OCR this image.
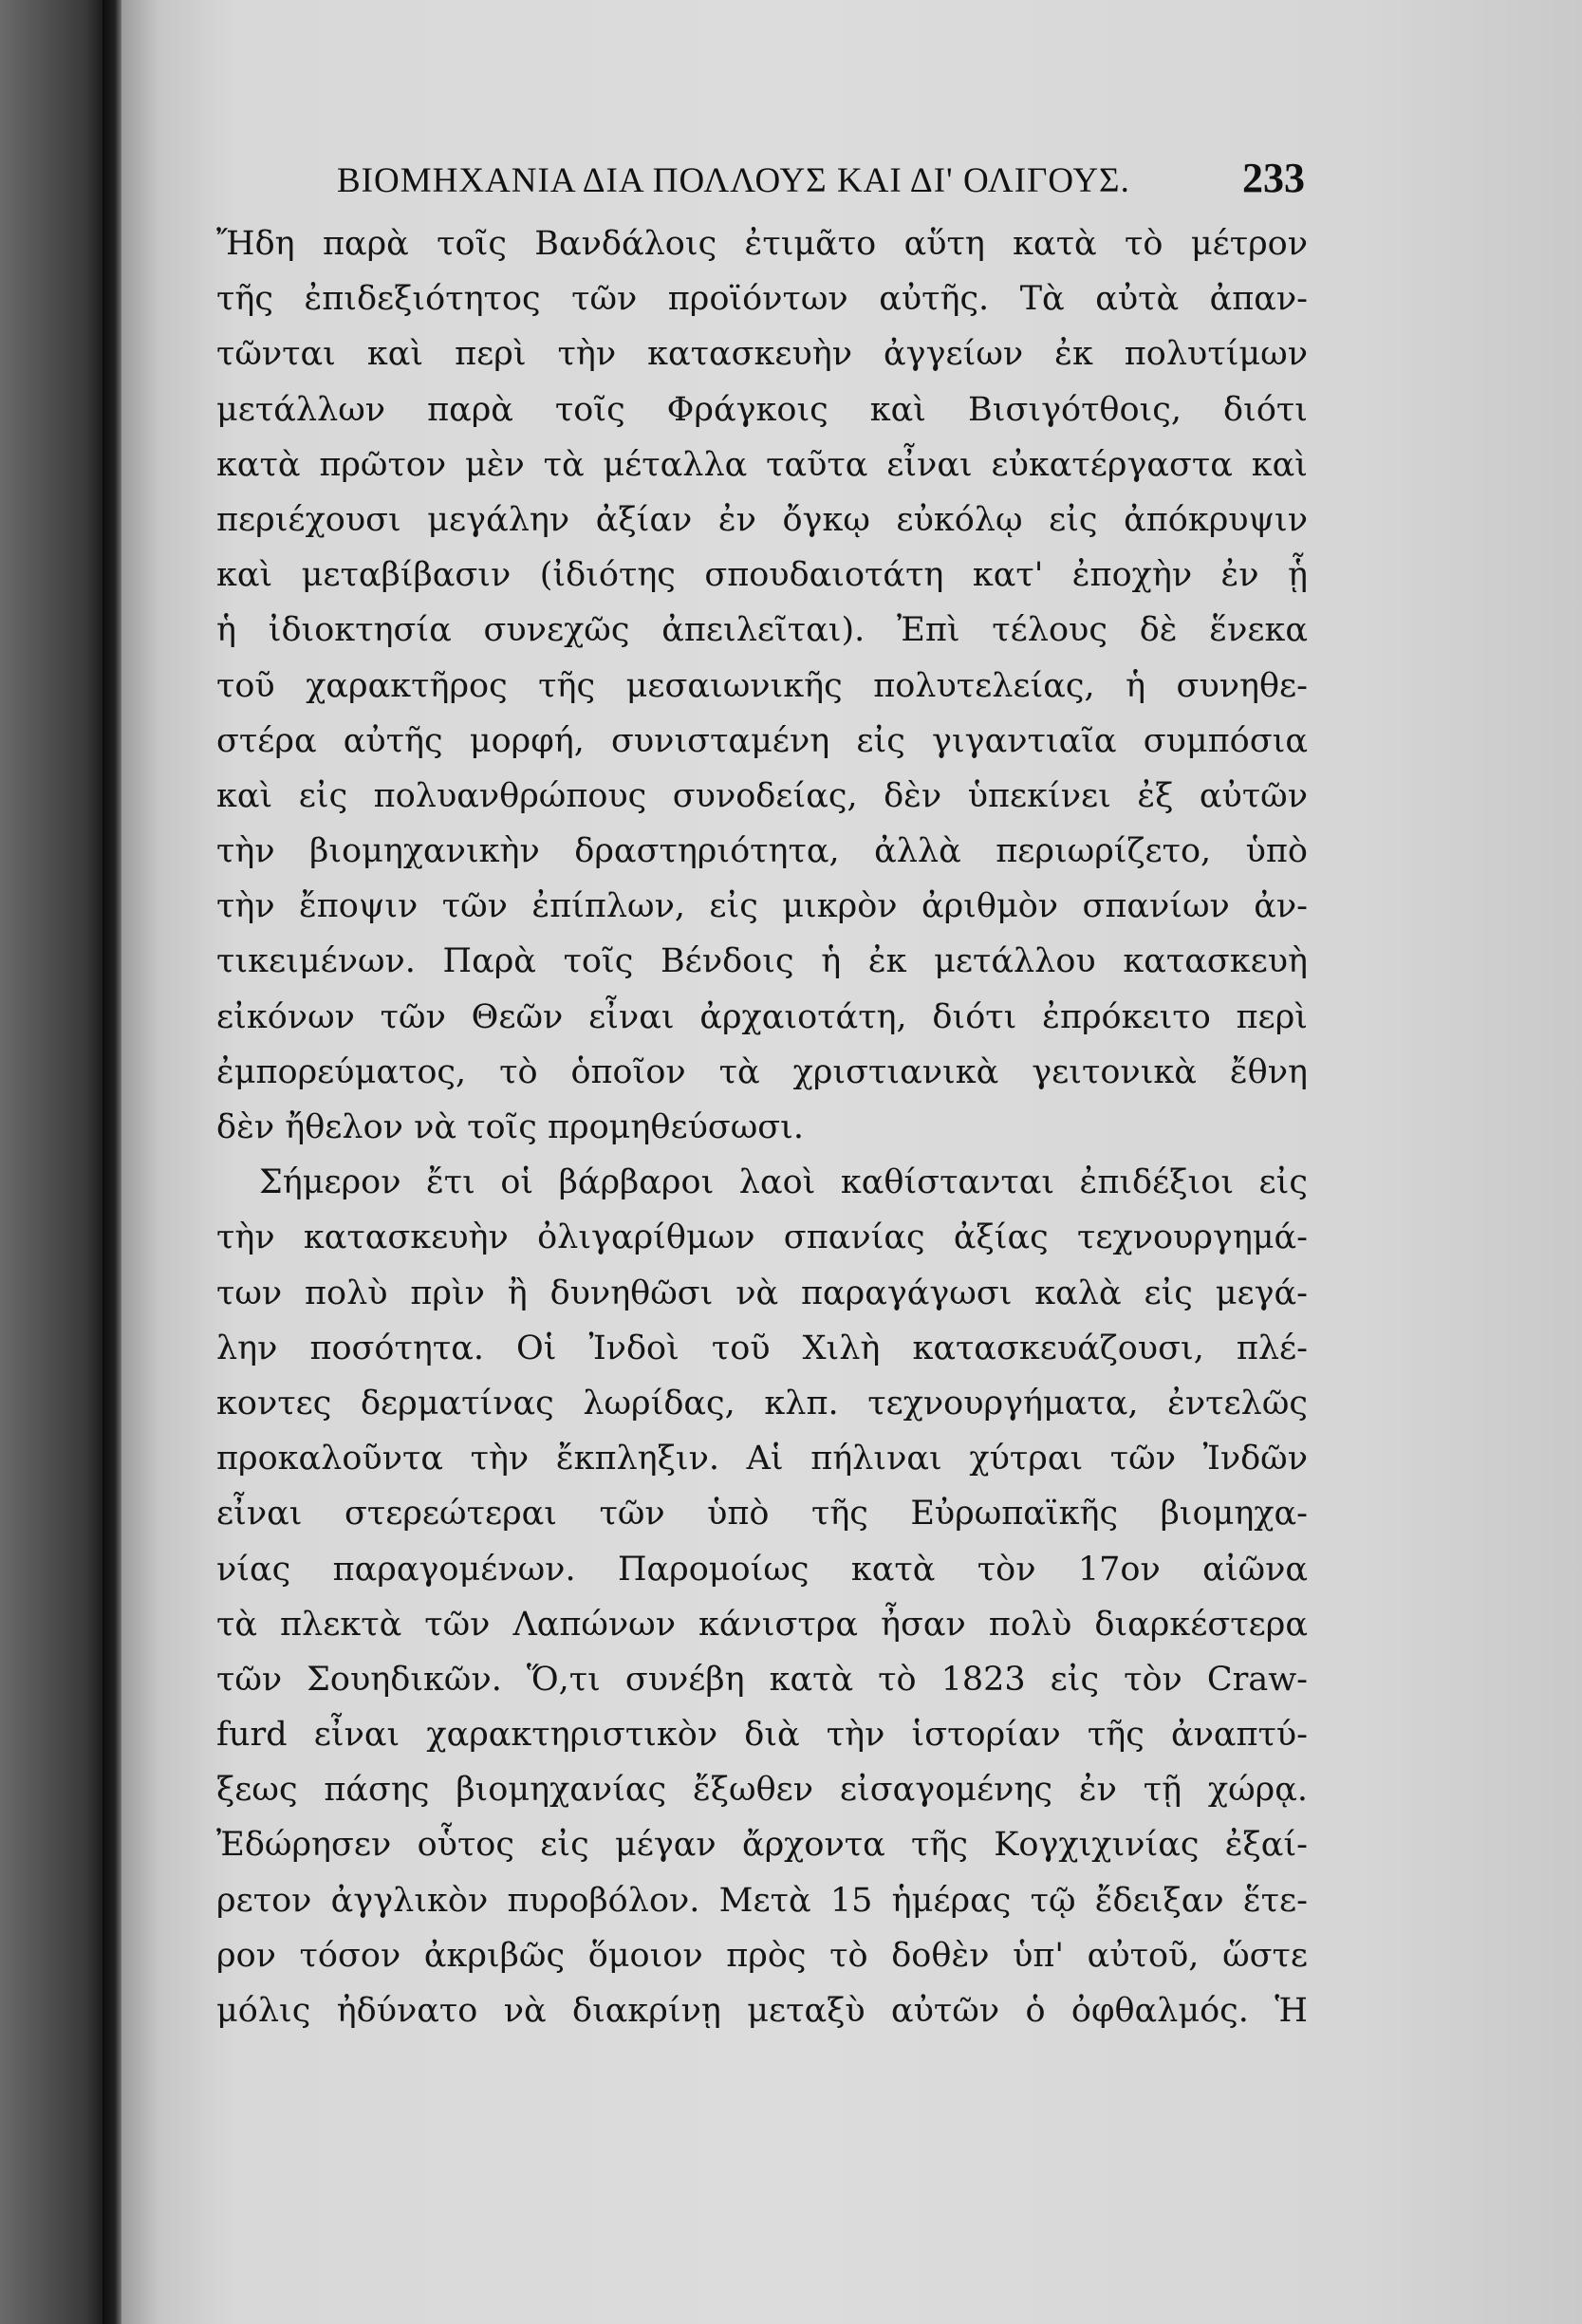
ΒΙΟΜΗΧΑΝΙΑ ΔΙΑ ΠΟΛΛΟΥΣ ΚΑΙ ΔΙ' ΟΛΙΓΟΥΣ.	233
Ἤδη παρὰ τοῖς Βανδάλοις ἐτιμᾶτο αὕτη κατὰ τὸ μέτρον
τῆς ἐπιδεξιότητος τῶν προϊόντων αὐτῆς. Τὰ αὐτὰ ἀπαν-
τῶνται καὶ περὶ τὴν κατασκευὴν ἀγγείων ἐκ πολυτίμων
μετάλλων παρὰ τοῖς Φράγκοις καὶ Βισιγότθοις, διότι
κατὰ πρῶτον μὲν τὰ μέταλλα ταῦτα εἶναι εὐκατέργαστα καὶ
περιέχουσι μεγάλην ἀξίαν ἐν ὄγκῳ εὐκόλῳ εἰς ἀπόκρυψιν
καὶ μεταβίβασιν (ἰδιότης σπουδαιοτάτη κατ' ἐποχὴν ἐν ᾗ
ἡ ἰδιοκτησία συνεχῶς ἀπειλεῖται). Ἐπὶ τέλους δὲ ἕνεκα
τοῦ χαρακτῆρος τῆς μεσαιωνικῆς πολυτελείας, ἡ συνηθε-
στέρα αὐτῆς μορφή, συνισταμένη εἰς γιγαντιαῖα συμπόσια
καὶ εἰς πολυανθρώπους συνοδείας, δὲν ὑπεκίνει ἐξ αὐτῶν
τὴν βιομηχανικὴν δραστηριότητα, ἀλλὰ περιωρίζετο, ὑπὸ
τὴν ἔποψιν τῶν ἐπίπλων, εἰς μικρὸν ἀριθμὸν σπανίων ἀν-
τικειμένων. Παρὰ τοῖς Βένδοις ἡ ἐκ μετάλλου κατασκευὴ
εἰκόνων τῶν Θεῶν εἶναι ἀρχαιοτάτη, διότι ἐπρόκειτο περὶ
ἐμπορεύματος, τὸ ὁποῖον τὰ χριστιανικὰ γειτονικὰ ἔθνη
δὲν ἤθελον νὰ τοῖς προμηθεύσωσι.
Σήμερον ἔτι οἱ βάρβαροι λαοὶ καθίστανται ἐπιδέξιοι εἰς
τὴν κατασκευὴν ὀλιγαρίθμων σπανίας ἀξίας τεχνουργημά-
των πολὺ πρὶν ἢ δυνηθῶσι νὰ παραγάγωσι καλὰ εἰς μεγά-
λην ποσότητα. Οἱ Ἰνδοὶ τοῦ Χιλὴ κατασκευάζουσι, πλέ-
κοντες δερματίνας λωρίδας, κλπ. τεχνουργήματα, ἐντελῶς
προκαλοῦντα τὴν ἔκπληξιν. Αἱ πήλιναι χύτραι τῶν Ἰνδῶν
εἶναι στερεώτεραι τῶν ὑπὸ τῆς Εὐρωπαϊκῆς βιομηχα-
νίας παραγομένων. Παρομοίως κατὰ τὸν 17ον αἰῶνα
τὰ πλεκτὰ τῶν Λαπώνων κάνιστρα ἦσαν πολὺ διαρκέστερα
τῶν Σουηδικῶν. Ὅ,τι συνέβη κατὰ τὸ 1823 εἰς τὸν Craw-
furd εἶναι χαρακτηριστικὸν διὰ τὴν ἱστορίαν τῆς ἀναπτύ-
ξεως πάσης βιομηχανίας ἔξωθεν εἰσαγομένης ἐν τῇ χώρᾳ.
Ἐδώρησεν οὗτος εἰς μέγαν ἄρχοντα τῆς Κογχιχινίας ἐξαί-
ρετον ἀγγλικὸν πυροβόλον. Μετὰ 15 ἡμέρας τῷ ἔδειξαν ἕτε-
ρον τόσον ἀκριβῶς ὅμοιον πρὸς τὸ δοθὲν ὑπ' αὐτοῦ, ὥστε
μόλις ἠδύνατο νὰ διακρίνῃ μεταξὺ αὐτῶν ὁ ὀφθαλμός. Ἡ
